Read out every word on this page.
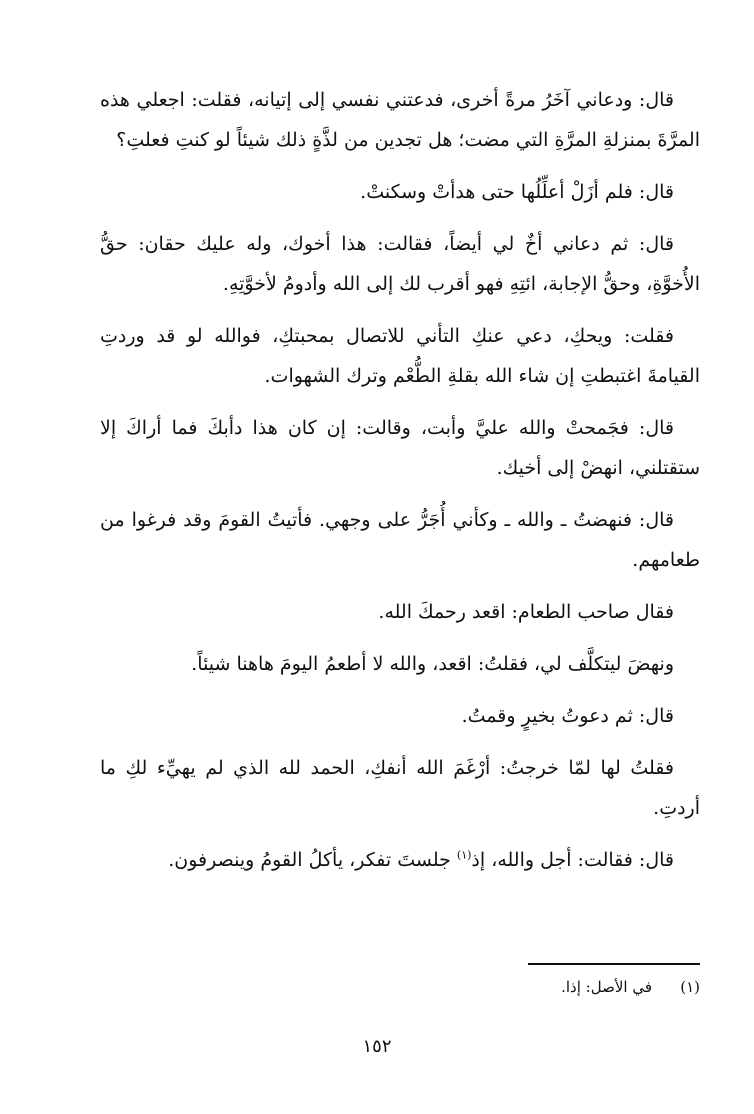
قال: ودعاني آخَرُ مرةً أخرى، فدعتني نفسي إلى إتيانه، فقلت: اجعلي هذه المرَّةَ بمنزلةِ المرَّةِ التي مضت؛ هل تجدين من لذَّةٍ ذلك شيئاً لو كنتِ فعلتِ؟

قال: فلم أزَلْ أعلِّلُها حتى هدأتْ وسكنتْ.

قال: ثم دعاني أخٌ لي أيضاً، فقالت: هذا أخوك، وله عليك حقان: حقُّ الأُخوَّةِ، وحقُّ الإجابة، ائتِهِ فهو أقرب لك إلى الله وأدومُ لأخوَّتِهِ.

فقلت: ويحكِ، دعي عنكِ التأني للاتصال بمحبتكِ، فوالله لو قد وردتِ القيامةَ اغتبطتِ إن شاء الله بقلةِ الطُّعْم وترك الشهوات.

قال: فجَمحتْ والله عليَّ وأبت، وقالت: إن كان هذا دأبكَ فما أراكَ إلا ستقتلني، انهضْ إلى أخيك.

قال: فنهضتُ ـ والله ـ وكأني أُجَرُّ على وجهي. فأتيتُ القومَ وقد فرغوا من طعامهم.

فقال صاحب الطعام: اقعد رحمكَ الله.

ونهضَ ليتكلَّف لي، فقلتُ: اقعد، والله لا أطعمُ اليومَ هاهنا شيئاً.

قال: ثم دعوتُ بخيرٍ وقمتُ.

فقلتُ لها لمّا خرجتُ: أرْغَمَ الله أنفكِ، الحمد لله الذي لم يهيِّء لكِ ما أردتِ.

قال: فقالت: أجل والله، إذ$^{(١)}$ جلستَ تفكر، يأكلُ القومُ وينصرفون.

(١)في الأصل: إذا.
١٥٢
